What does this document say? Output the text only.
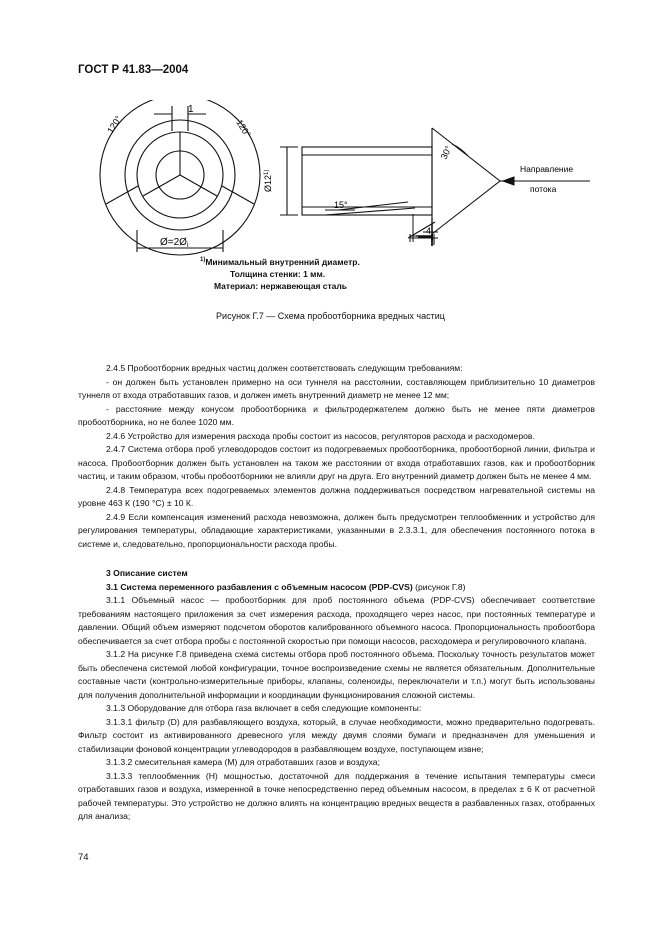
ГОСТ Р 41.83—2004
120°	120°
1
$Ø=2Ø_i$
Ø12$^{1)}$
30°
15°
4
Направление
потока
$^{1)}$Минимальный внутренний диаметр.
Толщина стенки: 1 мм.
Материал: нержавеющая сталь
Рисунок Г.7 — Схема пробоотборника вредных частиц

2.4.5 Пробоотборник вредных частиц должен соответствовать следующим требованиям:

- он должен быть установлен примерно на оси туннеля на расстоянии, составляющем приблизительно 10 диаметров туннеля от входа отработавших газов, и должен иметь внутренний диаметр не менее 12 мм;

- расстояние между конусом пробоотборника и фильтродержателем должно быть не менее пяти диаметров пробоотборника, но не более 1020 мм.

2.4.6 Устройство для измерения расхода пробы состоит из насосов, регуляторов расхода и расходомеров.

2.4.7 Система отбора проб углеводородов состоит из подогреваемых пробоотборника, пробоотборной линии, фильтра и насоса. Пробоотборник должен быть установлен на таком же расстоянии от входа отработавших газов, как и пробоотборник частиц, и таким образом, чтобы пробоотборники не влияли друг на друга. Его внутренний диаметр должен быть не менее 4 мм.

2.4.8 Температура всех подогреваемых элементов должна поддерживаться посредством нагревательной системы на уровне 463 К (190 °С) ± 10 К.

2.4.9 Если компенсация изменений расхода невозможна, должен быть предусмотрен теплообменник и устройство для регулирования температуры, обладающие характеристиками, указанными в 2.3.3.1, для обеспечения постоянного потока в системе и, следовательно, пропорциональности расхода пробы.

3 Описание систем

3.1 Система переменного разбавления с объемным насосом (PDP-CVS) (рисунок Г.8)

3.1.1 Объемный насос — пробоотборник для проб постоянного объема (PDP-CVS) обеспечивает соответствие требованиям настоящего приложения за счет измерения расхода, проходящего через насос, при постоянных температуре и давлении. Общий объем измеряют подсчетом оборотов калиброванного объемного насоса. Пропорциональность пробоотбора обеспечивается за счет отбора пробы с постоянной скоростью при помощи насосов, расходомера и регулировочного клапана.

3.1.2 На рисунке Г.8 приведена схема системы отбора проб постоянного объема. Поскольку точность результатов может быть обеспечена системой любой конфигурации, точное воспроизведение схемы не является обязательным. Дополнительные составные части (контрольно-измерительные приборы, клапаны, соленоиды, переключатели и т.п.) могут быть использованы для получения дополнительной информации и координации функционирования сложной системы.

3.1.3 Оборудование для отбора газа включает в себя следующие компоненты:

3.1.3.1 фильтр (D) для разбавляющего воздуха, который, в случае необходимости, можно предварительно подогревать. Фильтр состоит из активированного древесного угля между двумя слоями бумаги и предназначен для уменьшения и стабилизации фоновой концентрации углеводородов в разбавляющем воздухе, поступающем извне;

3.1.3.2 смесительная камера (М) для отработавших газов и воздуха;

3.1.3.3 теплообменник (Н) мощностью, достаточной для поддержания в течение испытания температуры смеси отработавших газов и воздуха, измеренной в точке непосредственно перед объемным насосом, в пределах ± 6 К от расчетной рабочей температуры. Это устройство не должно влиять на концентрацию вредных веществ в разбавленных газах, отобранных для анализа;

74
